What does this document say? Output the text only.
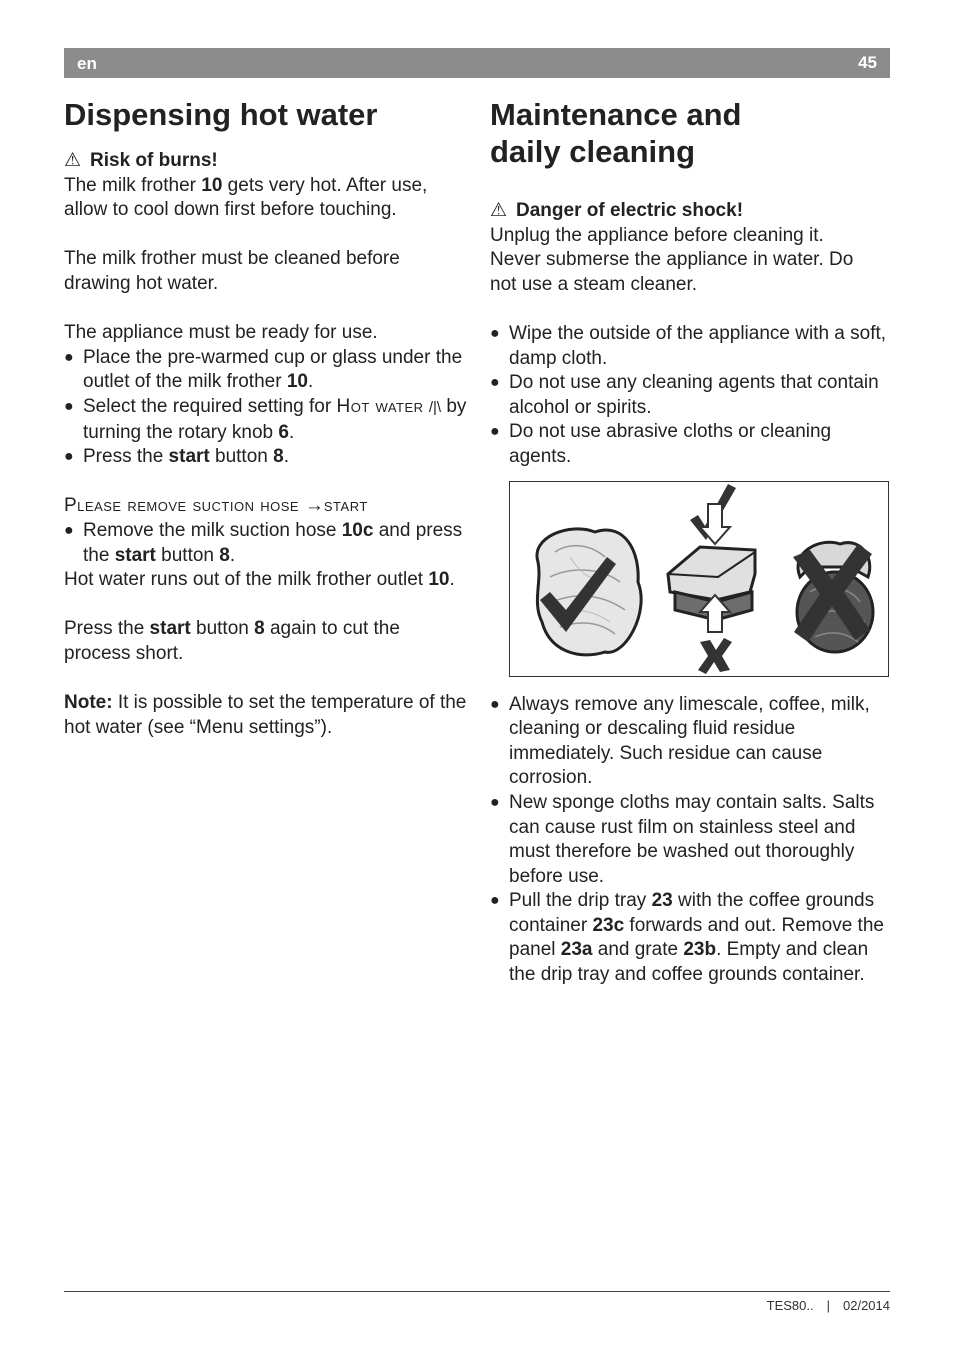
en	45
Dispensing hot water

⚠ Risk of burns!

The milk frother 10 gets very hot. After use, allow to cool down first before touching.

The milk frother must be cleaned before drawing hot water.

The appliance must be ready for use.

● Place the pre-warmed cup or glass under the outlet of the milk frother 10.
● Select the required setting for Hot water /|\ by turning the rotary knob 6.
● Press the start button 8.

Please remove suction hose →start

● Remove the milk suction hose 10c and press the start button 8.

Hot water runs out of the milk frother outlet 10.

Press the start button 8 again to cut the process short.

Note: It is possible to set the temperature of the hot water (see “Menu settings”).

Maintenance and
daily cleaning

⚠ Danger of electric shock!

Unplug the appliance before cleaning it. Never submerse the appliance in water. Do not use a steam cleaner.

● Wipe the outside of the appliance with a soft, damp cloth.
● Do not use any cleaning agents that contain alcohol or spirits.
● Do not use abrasive cloths or cleaning agents.
● Always remove any limescale, coffee, milk, cleaning or descaling fluid residue immediately. Such residue can cause corrosion.
● New sponge cloths may contain salts. Salts can cause rust film on stainless steel and must therefore be washed out thoroughly before use.
● Pull the drip tray 23 with the coffee grounds container 23c forwards and out. Remove the panel 23a and grate 23b. Empty and clean the drip tray and coffee grounds container.
TES80.. | 02/2014
